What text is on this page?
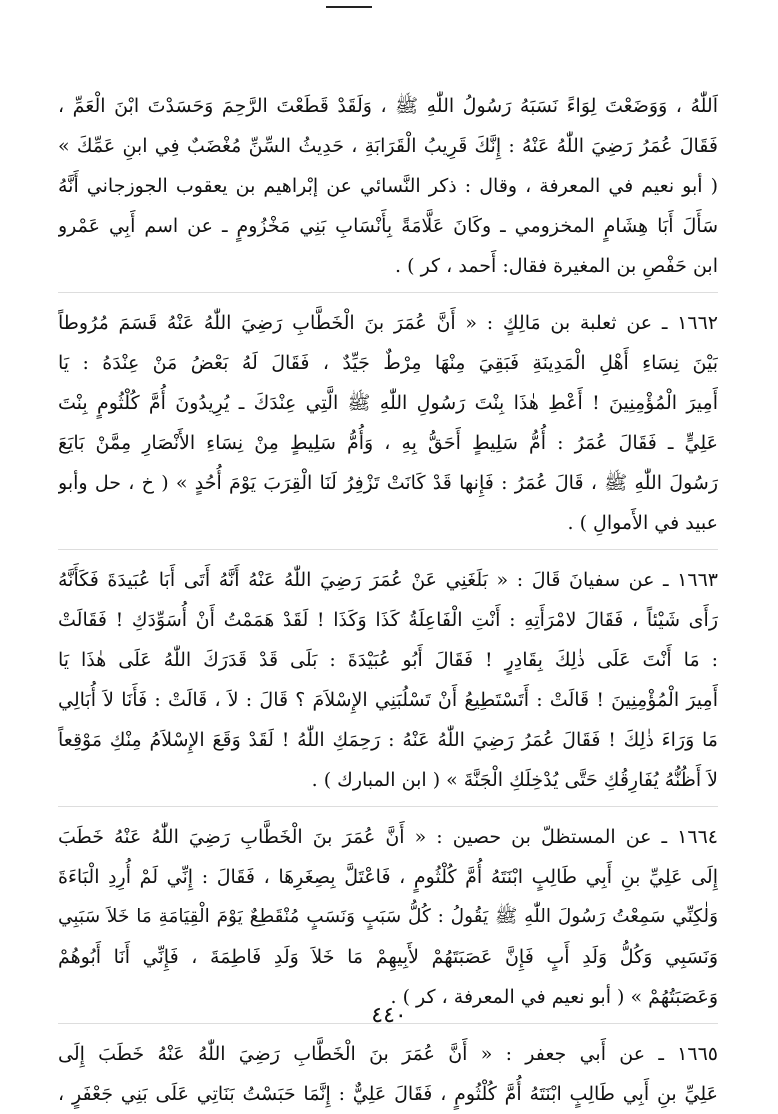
اَللّٰهُ ، وَوَضَعْتَ لِوَاءً نَسَبَهُ رَسُولُ اللّٰهِ ﷺ ، وَلَقَدْ قَطَعْتَ الرَّحِمَ وَحَسَدْتَ ابْنَ الْعَمِّ ،
فَقَالَ عُمَرُ رَضِيَ اللّٰهُ عَنْهُ : إِنَّكَ قَرِيبُ الْقَرَابَةِ ، حَدِيثُ السِّنِّ مُغْضَبٌ فِي ابنِ عَمِّكَ »
( أبو نعيم في المعرفة ، وقال : ذكر النَّسائي عن إبْراهيم بن يعقوب الجوزجاني أَنَّهُ
سَأَلَ أَبَا هِشَامٍ المخزومي ـ وكَانَ عَلَّامَةً بِأَنْسَابِ بَنِي مَخْزُومٍ ـ عن اسم أَبِي عَمْرو
ابن حَفْصِ بن المغيرة فقال: أَحمد ، كر ) .
١٦٦٢ ـ عن ثعلبة بن مَالِكٍ : « أَنَّ عُمَرَ بنَ الْخَطَّابِ رَضِيَ اللّٰهُ عَنْهُ قَسَمَ مُرُوطاً
بَيْنَ نِسَاءِ أَهْلِ الْمَدِينَةِ فَبَقِيَ مِنْهَا مِرْطٌ جَيِّدٌ ، فَقَالَ لَهُ بَعْضُ مَنْ عِنْدَهُ : يَا
أَمِيرَ الْمُؤْمِنِينَ ! أَعْطِ هٰذَا بِنْتَ رَسُولِ اللّٰهِ ﷺ الَّتِي عِنْدَكَ ـ يُرِيدُونَ أُمَّ كُلْثُومٍ بِنْتَ
عَلِيٍّ ـ فَقَالَ عُمَرُ : أُمُّ سَلِيطٍ أَحَقُّ بِهِ ، وَأُمُّ سَلِيطٍ مِنْ نِسَاءِ الأَنْصَارِ مِمَّنْ بَايَعَ
رَسُولَ اللّٰهِ ﷺ ، قَالَ عُمَرُ : فَإِنها قَدْ كَانَتْ تَزْفِرُ لَنَا الْقِرَبَ يَوْمَ أُحُدٍ » ( خ ، حل وأبو
عبيد في الأَموالِ ) .
١٦٦٣ ـ عن سفيانَ قَالَ : « بَلَغَنِي عَنْ عُمَرَ رَضِيَ اللّٰهُ عَنْهُ أَنَّهُ أَتَى أَبَا عُبَيدَةَ فَكَأَنَّهُ
رَأَى شَيْئاً ، فَقَالَ لامْرَأَتِهِ : أَنْتِ الْفَاعِلَةُ كَذَا وَكَذَا ! لَقَدْ هَمَمْتُ أَنْ أُسَوِّدَكِ ! فَقَالَتْ
: مَا أَنْتَ عَلَى ذٰلِكَ بِقَادِرٍ ! فَقَالَ أَبُو عُبَيْدَةَ : بَلَى قَدْ قَدَرَكَ اللّٰهُ عَلَى هٰذَا يَا
أَمِيرَ الْمُؤْمِنِينَ ! قَالَتْ : أَتَسْتَطِيعُ أَنْ تَسْلُبَنِي الإِسْلاَمَ ؟ قَالَ : لاَ ، قَالَتْ : فَأَنَا لاَ أُبَالِي
مَا وَرَاءَ ذٰلِكَ ! فَقَالَ عُمَرُ رَضِيَ اللّٰهُ عَنْهُ : رَحِمَكِ اللّٰهُ ! لَقَدْ وَقَعَ الإِسْلاَمُ مِنْكِ مَوْقِعاً
لاَ أَظُنُّهُ يُفَارِقُكِ حَتَّى يُدْخِلَكِ الْجَنَّةَ » ( ابن المبارك ) .
١٦٦٤ ـ عن المستظلّ بن حصين : « أَنَّ عُمَرَ بنَ الْخَطَّابِ رَضِيَ اللّٰهُ عَنْهُ خَطَبَ
إِلَى عَلِيِّ بنِ أَبِي طَالِبٍ ابْنَتَهُ أُمَّ كُلْثُومٍ ، فَاعْتَلَّ بِصِغَرِهَا ، فَقَالَ : إِنِّي لَمْ أُرِدِ الْبَاءَةَ
وَلٰكِنِّي سَمِعْتُ رَسُولَ اللّٰهِ ﷺ يَقُولُ : كُلُّ سَبَبٍ وَنَسَبٍ مُنْقَطِعٌ يَوْمَ الْقِيَامَةِ مَا خَلاَ سَبَبِي
وَنَسَبِي وَكُلُّ وَلَدِ أَبٍ فَإِنَّ عَصَبَتَهُمْ لأَبِيهِمْ مَا خَلاَ وَلَدِ فَاطِمَةَ ، فَإِنِّي أَنَا أَبُوهُمْ
وَعَصَبَتُهُمْ » ( أبو نعيم في المعرفة ، كر ) .
١٦٦٥ ـ عن أَبي جعفر : « أَنَّ عُمَرَ بنَ الْخَطَّابِ رَضِيَ اللّٰهُ عَنْهُ خَطَبَ إِلَى
عَلِيِّ بنِ أَبِي طَالِبٍ ابْنَتَهُ أُمَّ كُلْثُومٍ ، فَقَالَ عَلِيٌّ : إِنَّمَا حَبَسْتُ بَنَاتِي عَلَى بَنِي جَعْفَرٍ ،
٤٤٠
